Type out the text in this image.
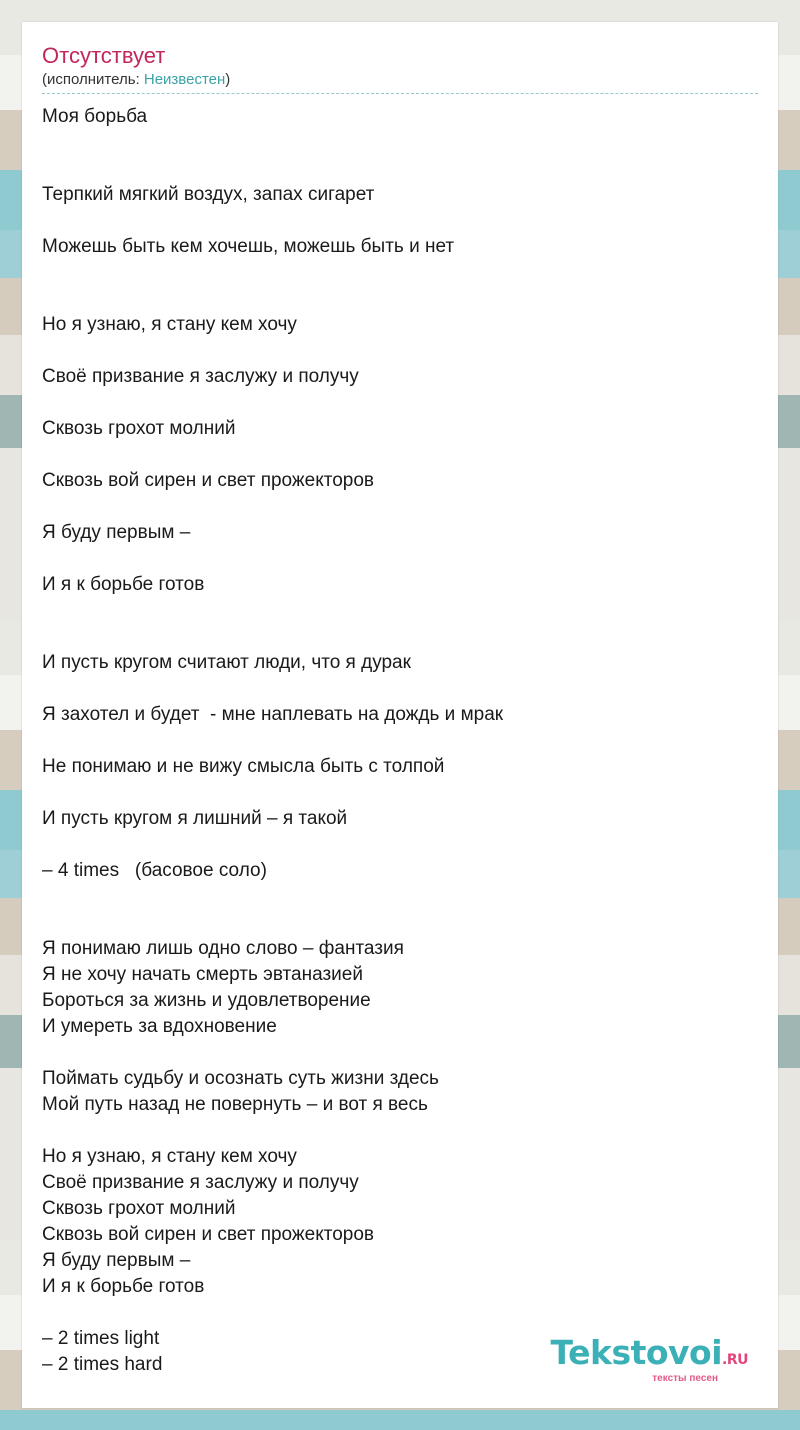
Отсутствует
(исполнитель: Неизвестен)
Моя борьба
Терпкий мягкий воздух, запах сигарет
Можешь быть кем хочешь, можешь быть и нет
Но я узнаю, я стану кем хочу
Своё призвание я заслужу и получу
Сквозь грохот молний
Сквозь вой сирен и свет прожекторов
Я буду первым –
И я к борьбе готов
И пусть кругом считают люди, что я дурак
Я захотел и будет  - мне наплевать на дождь и мрак
Не понимаю и не вижу смысла быть с толпой
И пусть кругом я лишний – я такой
– 4 times   (басовое соло)
Я понимаю лишь одно слово – фантазия
Я не хочу начать смерть эвтаназией
Бороться за жизнь и удовлетворение
И умереть за вдохновение
Поймать судьбу и осознать суть жизни здесь
Мой путь назад не повернуть – и вот я весь
Но я узнаю, я стану кем хочу
Своё призвание я заслужу и получу
Сквозь грохот молний
Сквозь вой сирен и свет прожекторов
Я буду первым –
И я к борьбе готов
– 2 times light
– 2 times hard	Tekstovoi.RU
тексты песен
